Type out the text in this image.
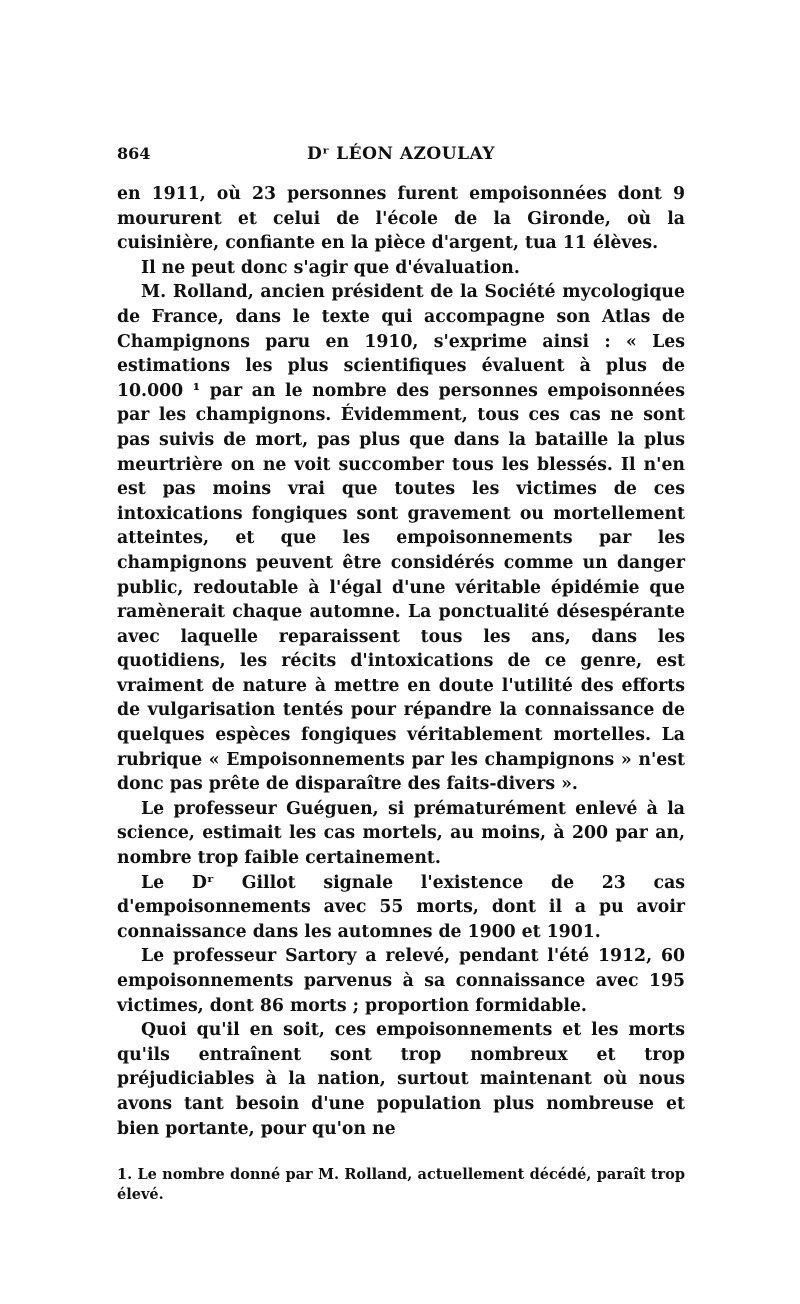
864	Dʳ LÉON AZOULAY

en 1911, où 23 personnes furent empoisonnées dont 9 moururent et celui de l'école de la Gironde, où la cuisinière, confiante en la pièce d'argent, tua 11 élèves.

Il ne peut donc s'agir que d'évaluation.

M. Rolland, ancien président de la Société mycologique de France, dans le texte qui accompagne son Atlas de Champignons paru en 1910, s'exprime ainsi : « Les estimations les plus scientifiques évaluent à plus de 10.000 ¹ par an le nombre des personnes empoisonnées par les champignons. Évidemment, tous ces cas ne sont pas suivis de mort, pas plus que dans la bataille la plus meurtrière on ne voit succomber tous les blessés. Il n'en est pas moins vrai que toutes les victimes de ces intoxications fongiques sont gravement ou mortellement atteintes, et que les empoisonnements par les champignons peuvent être considérés comme un danger public, redoutable à l'égal d'une véritable épidémie que ramènerait chaque automne. La ponctualité désespérante avec laquelle reparaissent tous les ans, dans les quotidiens, les récits d'intoxications de ce genre, est vraiment de nature à mettre en doute l'utilité des efforts de vulgarisation tentés pour répandre la connaissance de quelques espèces fongiques véritablement mortelles. La rubrique « Empoisonnements par les champignons » n'est donc pas prête de disparaître des faits-divers ».

Le professeur Guéguen, si prématurément enlevé à la science, estimait les cas mortels, au moins, à 200 par an, nombre trop faible certainement.

Le Dʳ Gillot signale l'existence de 23 cas d'empoisonnements avec 55 morts, dont il a pu avoir connaissance dans les automnes de 1900 et 1901.

Le professeur Sartory a relevé, pendant l'été 1912, 60 empoisonnements parvenus à sa connaissance avec 195 victimes, dont 86 morts ; proportion formidable.

Quoi qu'il en soit, ces empoisonnements et les morts qu'ils entraînent sont trop nombreux et trop préjudiciables à la nation, surtout maintenant où nous avons tant besoin d'une population plus nombreuse et bien portante, pour qu'on ne

1. Le nombre donné par M. Rolland, actuellement décédé, paraît trop élevé.
